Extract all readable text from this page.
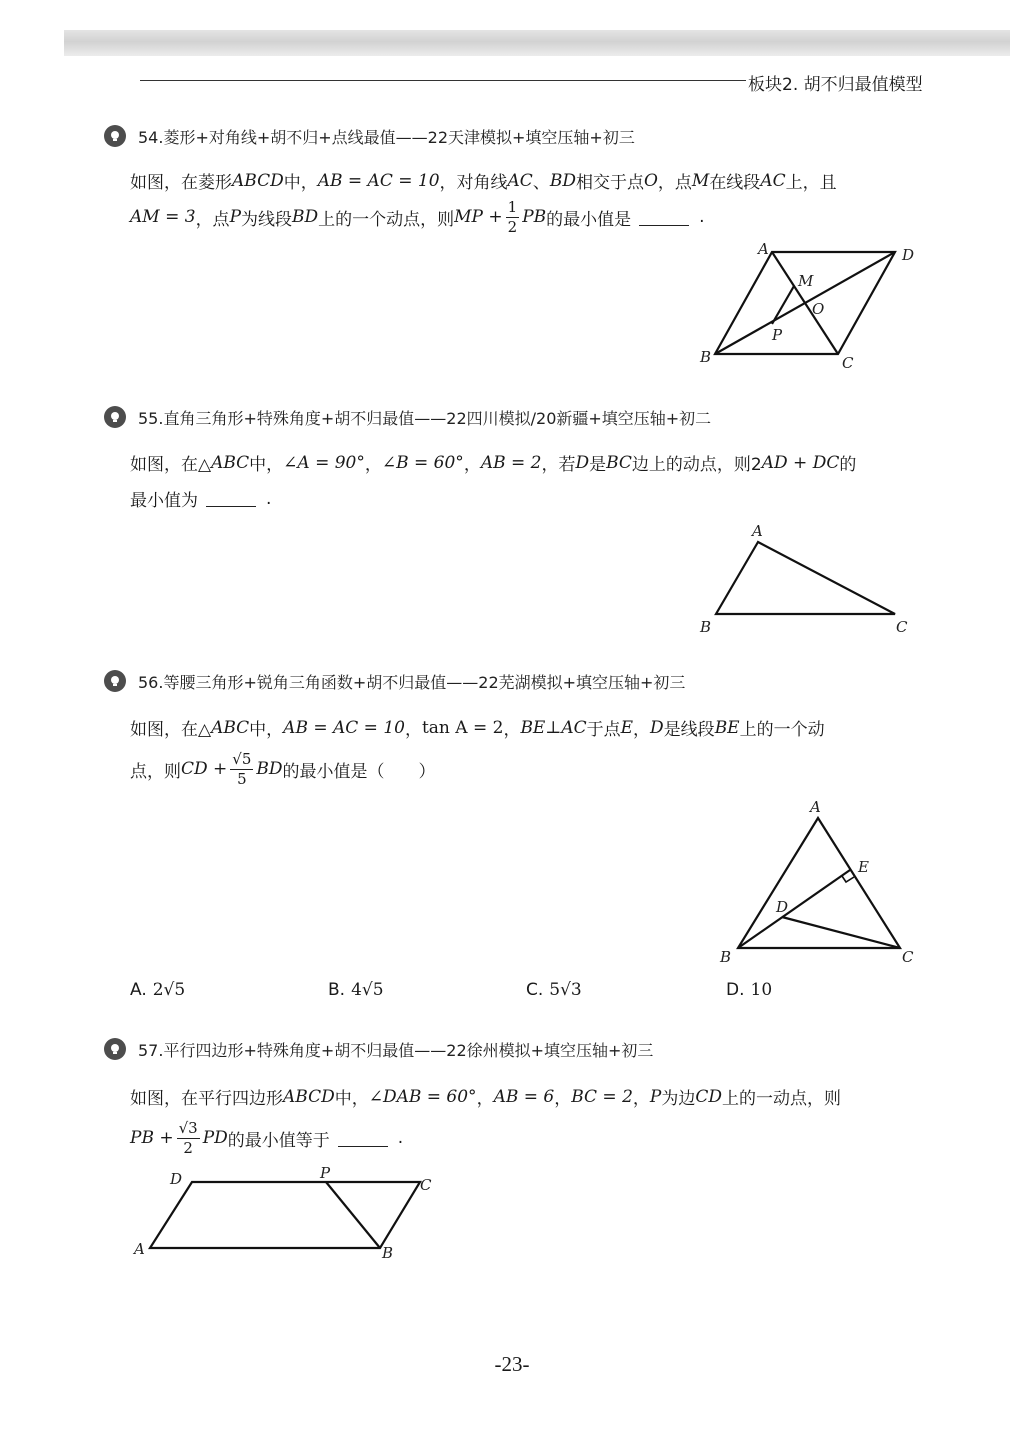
板块2. 胡不归最值模型
54.菱形+对角线+胡不归+点线最值——22天津模拟+填空压轴+初三
如图，在菱形 ABCD 中， AB = AC = 10 ，对角线 AC 、 BD 相交于点 O ，点 M 在线段 AC 上，且
AM = 3 ，点 P 为线段 BD 上的一个动点，则 MP + $\frac{1}{2}$ PB 的最小值是	.
A	D
M
O
P
B	C
55.直角三角形+特殊角度+胡不归最值——22四川模拟/20新疆+填空压轴+初二
如图，在△ ABC 中， ∠A = 90° ， ∠B = 60° ， AB = 2 ，若 D 是 BC 边上的动点，则2 AD + DC 的
最小值为	.
A
B	C
56.等腰三角形+锐角三角函数+胡不归最值——22芜湖模拟+填空压轴+初三
如图，在△ ABC 中， AB = AC = 10 ， tan A = 2 ， BE⊥AC 于点 E ， D 是线段 BE 上的一个动
点，则 CD + $\frac{√5}{5}$ BD 的最小值是（　　）
A
E
D
B	C
A. 2√5	B. 4√5	C. 5√3	D. 10
57.平行四边形+特殊角度+胡不归最值——22徐州模拟+填空压轴+初三
如图，在平行四边形 ABCD 中， ∠DAB = 60° ， AB = 6 ， BC = 2 ， P 为边 CD 上的一动点，则
PB + $\frac{√3}{2}$ PD 的最小值等于	.
D	P
C
A	B
-23-
